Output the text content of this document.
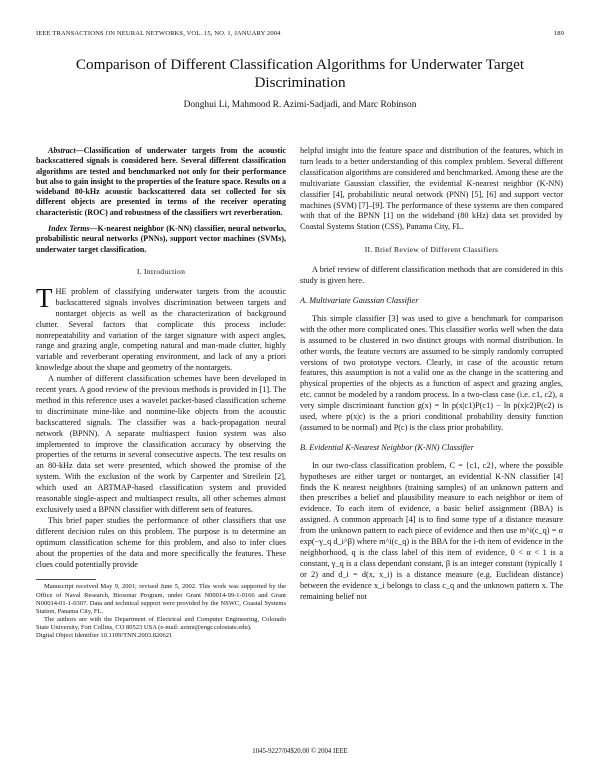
IEEE TRANSACTIONS ON NEURAL NETWORKS, VOL. 15, NO. 1, JANUARY 2004	189
Comparison of Different Classification Algorithms for Underwater Target Discrimination
Donghui Li, Mahmood R. Azimi-Sadjadi, and Marc Robinson

Abstract—Classification of underwater targets from the acoustic backscattered signals is considered here. Several different classification algorithms are tested and benchmarked not only for their performance but also to gain insight to the properties of the feature space. Results on a wideband 80-kHz acoustic backscattered data set collected for six different objects are presented in terms of the receiver operating characteristic (ROC) and robustness of the classifiers wrt reverberation.

Index Terms—K-nearest neighbor (K-NN) classifier, neural networks, probabilistic neural networks (PNNs), support vector machines (SVMs), underwater target classification.

I. Introduction

THE problem of classifying underwater targets from the acoustic backscattered signals involves discrimination between targets and nontarget objects as well as the characterization of background clutter. Several factors that complicate this process include: nonrepeatability and variation of the target signature with aspect angles, range and grazing angle, competing natural and man-made clutter, highly variable and reverberant operating environment, and lack of any a priori knowledge about the shape and geometry of the nontargets.

A number of different classification schemes have been developed in recent years. A good review of the previous methods is provided in [1]. The method in this reference uses a wavelet packet-based classification scheme to discriminate mine-like and nonmine-like objects from the acoustic backscattered signals. The classifier was a back-propagation neural network (BPNN). A separate multiaspect fusion system was also implemented to improve the classification accuracy by observing the properties of the returns in several consecutive aspects. The test results on an 80-kHz data set were presented, which showed the promise of the system. With the exclusion of the work by Carpenter and Streilein [2], which used an ARTMAP-based classification system and provided reasonable single-aspect and multiaspect results, all other schemes almost exclusively used a BPNN classifier with different sets of features.

This brief paper studies the performance of other classifiers that use different decision rules on this problem. The purpose is to determine an optimum classification scheme for this problem, and also to infer clues about the properties of the data and more specifically the features. These clues could potentially provide

Manuscript received May 9, 2001; revised June 5, 2002. This work was supported by the Office of Naval Research, Biosonar Program, under Grant N00014-99-1-0166 and Grant N00014-01-1-0307. Data and technical support were provided by the NSWC, Coastal Systems Station, Panama City, FL.

The authors are with the Department of Electrical and Computer Engineering, Colorado State University, Fort Collins, CO 80523 USA (e-mail: azimi@engr.colostate.edu).

Digital Object Identifier 10.1109/TNN.2003.820621

helpful insight into the feature space and distribution of the features, which in turn leads to a better understanding of this complex problem. Several different classification algorithms are considered and benchmarked. Among these are the multivariate Gaussian classifier, the evidential K-nearest neighbor (K-NN) classifier [4], probabilistic neural network (PNN) [5], [6] and support vector machines (SVM) [7]–[9]. The performance of these systems are then compared with that of the BPNN [1] on the wideband (80 kHz) data set provided by Coastal Systems Station (CSS), Panama City, FL.

II. Brief Review of Different Classifiers

A brief review of different classification methods that are considered in this study is given here.

A. Multivariate Gaussian Classifier

This simple classifier [3] was used to give a benchmark for comparison with the other more complicated ones. This classifier works well when the data is assumed to be clustered in two distinct groups with normal distribution. In other words, the feature vectors are assumed to be simply randomly corrupted versions of two prototype vectors. Clearly, in case of the acoustic return features, this assumption is not a valid one as the change in the scattering and physical properties of the objects as a function of aspect and grazing angles, etc. cannot be modeled by a random process. In a two-class case (i.e. c1, c2), a very simple discriminant function g(x) = ln p(x|c1)P(c1) − ln p(x|c2)P(c2) is used, where p(x|c) is the a priori conditional probability density function (assumed to be normal) and P(c) is the class prior probability.

B. Evidential K-Nearest Neighbor (K-NN) Classifier

In our two-class classification problem, C = {c1, c2}, where the possible hypotheses are either target or nontarget, an evidential K-NN classifier [4] finds the K nearest neighbors (training samples) of an unknown pattern and then prescribes a belief and plausibility measure to each neighbor or item of evidence. To each item of evidence, a basic belief assignment (BBA) is assigned. A common approach [4] is to find some type of a distance measure from the unknown pattern to each piece of evidence and then use m^i(c_q) = α exp(−γ_q d_i^β) where m^i(c_q) is the BBA for the i-th item of evidence in the neighborhood, q is the class label of this item of evidence, 0 < α < 1 is a constant, γ_q is a class dependant constant, β is an integer constant (typically 1 or 2) and d_i = d(x, x_i) is a distance measure (e.g. Euclidean distance) between the evidence x_i belongs to class c_q and the unknown pattern x. The remaining belief not

1045-9227/04$20.00 © 2004 IEEE
